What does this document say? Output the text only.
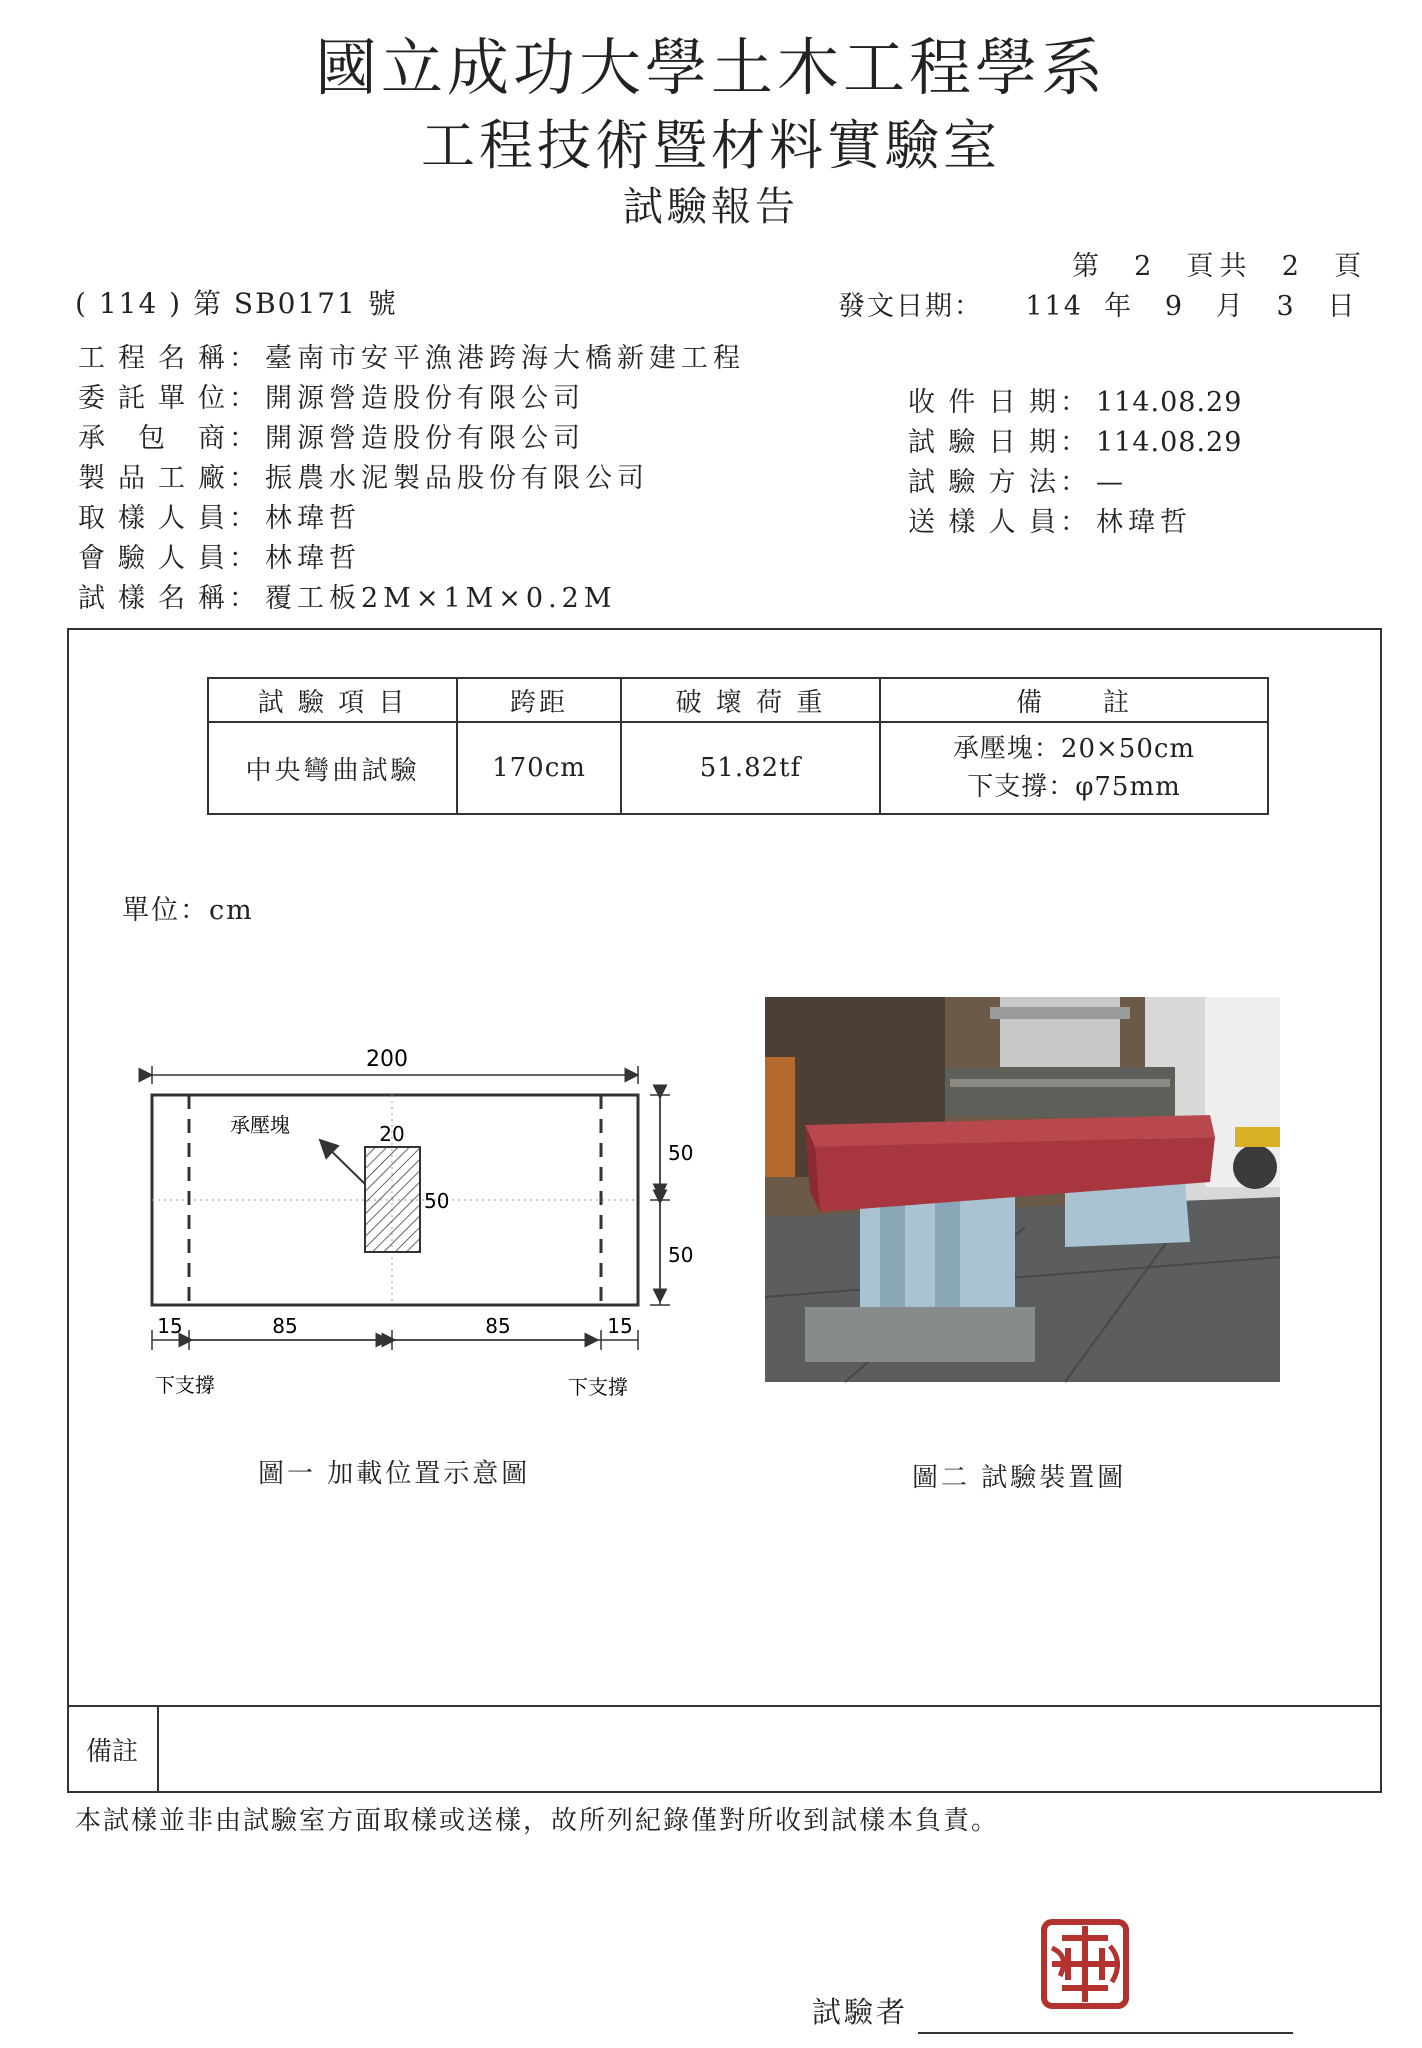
國立成功大學土木工程學系
工程技術暨材料實驗室
試驗報告
第 2 頁共 2 頁
( 114 ) 第 SB0171 號	發文日期： 114 年 9 月 3 日
工程名稱 ： 臺南市安平漁港跨海大橋新建工程
委託單位 ： 開源營造股份有限公司
承包商 ： 開源營造股份有限公司
製品工廠 ： 振農水泥製品股份有限公司
取樣人員 ： 林瑋哲
會驗人員 ： 林瑋哲
試樣名稱 ： 覆工板2M×1M×0.2M
收件日期 ： 114.08.29
試驗日期 ： 114.08.29
試驗方法 ： —
送樣人員 ： 林瑋哲
試 驗 項 目	跨距	破 壞 荷 重	備　　註
中央彎曲試驗	170cm	51.82tf	承壓塊：20×50cm
下支撐：φ75mm
單位：cm
200
20
50
承壓塊
50
50
15	85	85	15
下支撐	下支撐
圖一 加載位置示意圖	圖二 試驗裝置圖
備註
本試樣並非由試驗室方面取樣或送樣，故所列紀錄僅對所收到試樣本負責。
試驗者
